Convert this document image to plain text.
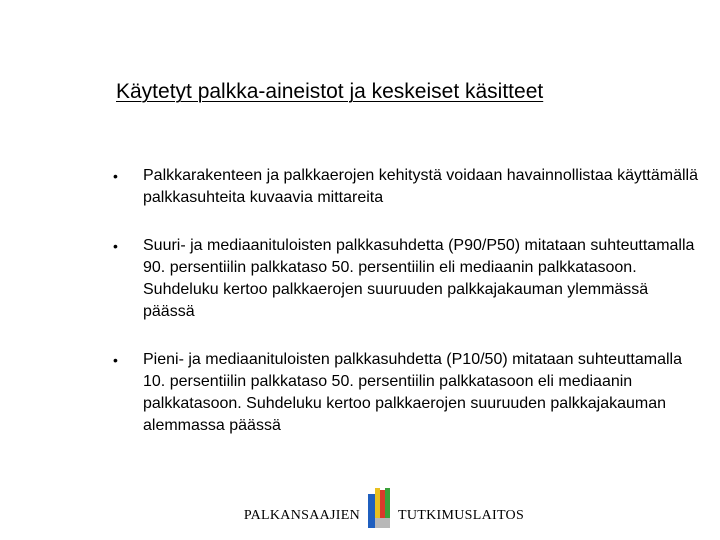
Käytetyt palkka-aineistot ja keskeiset käsitteet
• Palkkarakenteen ja palkkaerojen kehitystä voidaan havainnollistaa käyttämällä palkkasuhteita kuvaavia mittareita
• Suuri- ja mediaanituloisten palkkasuhdetta (P90/P50) mitataan suhteuttamalla 90. persentiilin palkkataso 50. persentiilin eli mediaanin palkkatasoon. Suhdeluku kertoo palkkaerojen suuruuden palkkajakauman ylemmässä päässä
• Pieni- ja mediaanituloisten palkkasuhdetta (P10/50) mitataan suhteuttamalla 10. persentiilin palkkataso 50. persentiilin palkkatasoon eli mediaanin palkkatasoon. Suhdeluku kertoo palkkaerojen suuruuden palkkajakauman alemmassa päässä
PALKANSAAJIEN	TUTKIMUSLAITOS
